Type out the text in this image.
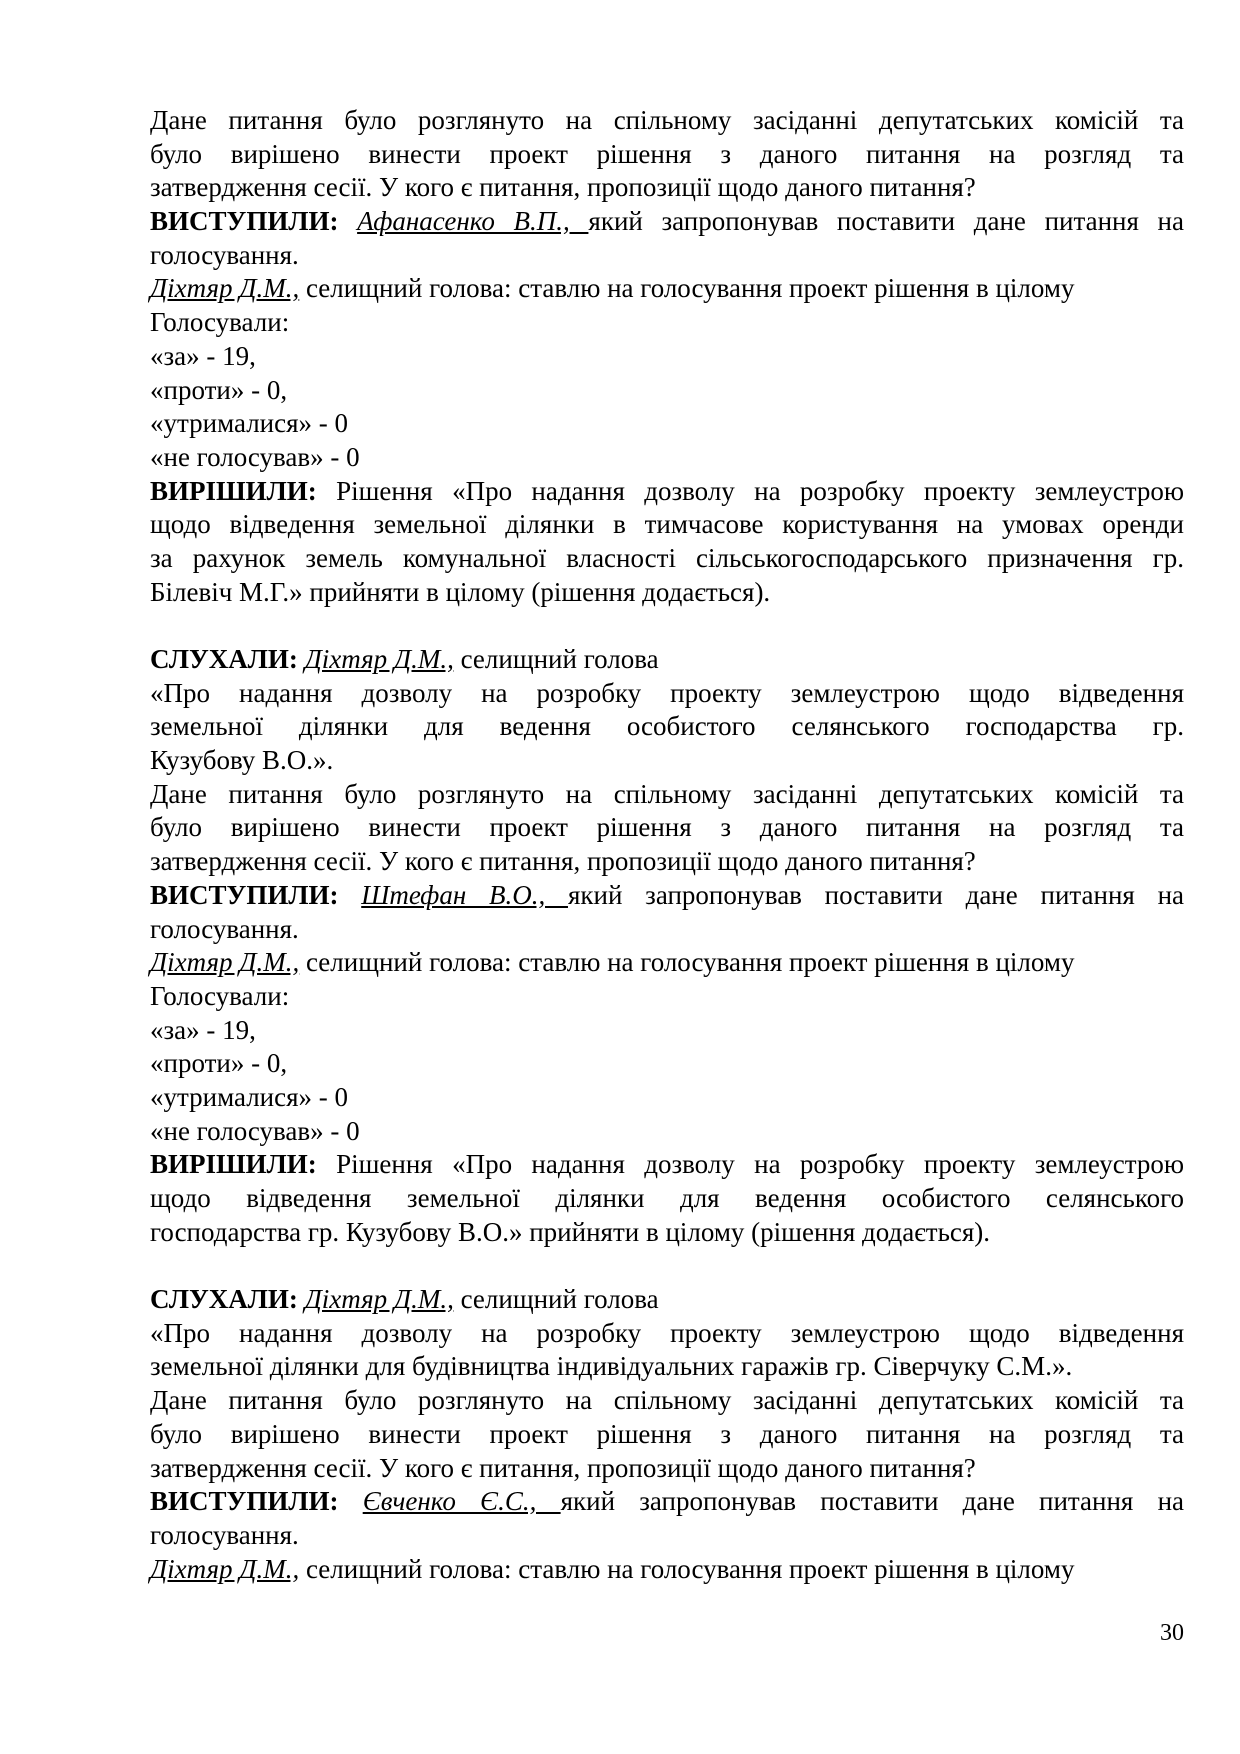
Дане питання було розглянуто на спільному засіданні депутатських комісій та
було вирішено винести проект рішення з даного питання на розгляд та
затвердження сесії. У кого є питання, пропозиції щодо даного питання?
ВИСТУПИЛИ: Афанасенко В.П., який запропонував поставити дане питання на
голосування.
Діхтяр Д.М., селищний голова: ставлю на голосування проект рішення в цілому
Голосували:
«за» - 19,
«проти» - 0,
«утрималися» - 0
«не голосував» - 0
ВИРІШИЛИ: Рішення «Про надання дозволу на розробку проекту землеустрою
щодо відведення земельної ділянки в тимчасове користування на умовах оренди
за рахунок земель комунальної власності сільськогосподарського призначення гр.
Білевіч М.Г.» прийняти в цілому (рішення додається).
СЛУХАЛИ: Діхтяр Д.М., селищний голова
«Про надання дозволу на розробку проекту землеустрою щодо відведення
земельної ділянки для ведення особистого селянського господарства гр.
Кузубову В.О.».
Дане питання було розглянуто на спільному засіданні депутатських комісій та
було вирішено винести проект рішення з даного питання на розгляд та
затвердження сесії. У кого є питання, пропозиції щодо даного питання?
ВИСТУПИЛИ: Штефан В.О., який запропонував поставити дане питання на
голосування.
Діхтяр Д.М., селищний голова: ставлю на голосування проект рішення в цілому
Голосували:
«за» - 19,
«проти» - 0,
«утрималися» - 0
«не голосував» - 0
ВИРІШИЛИ: Рішення «Про надання дозволу на розробку проекту землеустрою
щодо відведення земельної ділянки для ведення особистого селянського
господарства гр. Кузубову В.О.» прийняти в цілому (рішення додається).
СЛУХАЛИ: Діхтяр Д.М., селищний голова
«Про надання дозволу на розробку проекту землеустрою щодо відведення
земельної ділянки для будівництва індивідуальних гаражів гр. Сіверчуку С.М.».
Дане питання було розглянуто на спільному засіданні депутатських комісій та
було вирішено винести проект рішення з даного питання на розгляд та
затвердження сесії. У кого є питання, пропозиції щодо даного питання?
ВИСТУПИЛИ: Євченко Є.С., який запропонував поставити дане питання на
голосування.
Діхтяр Д.М., селищний голова: ставлю на голосування проект рішення в цілому
30
